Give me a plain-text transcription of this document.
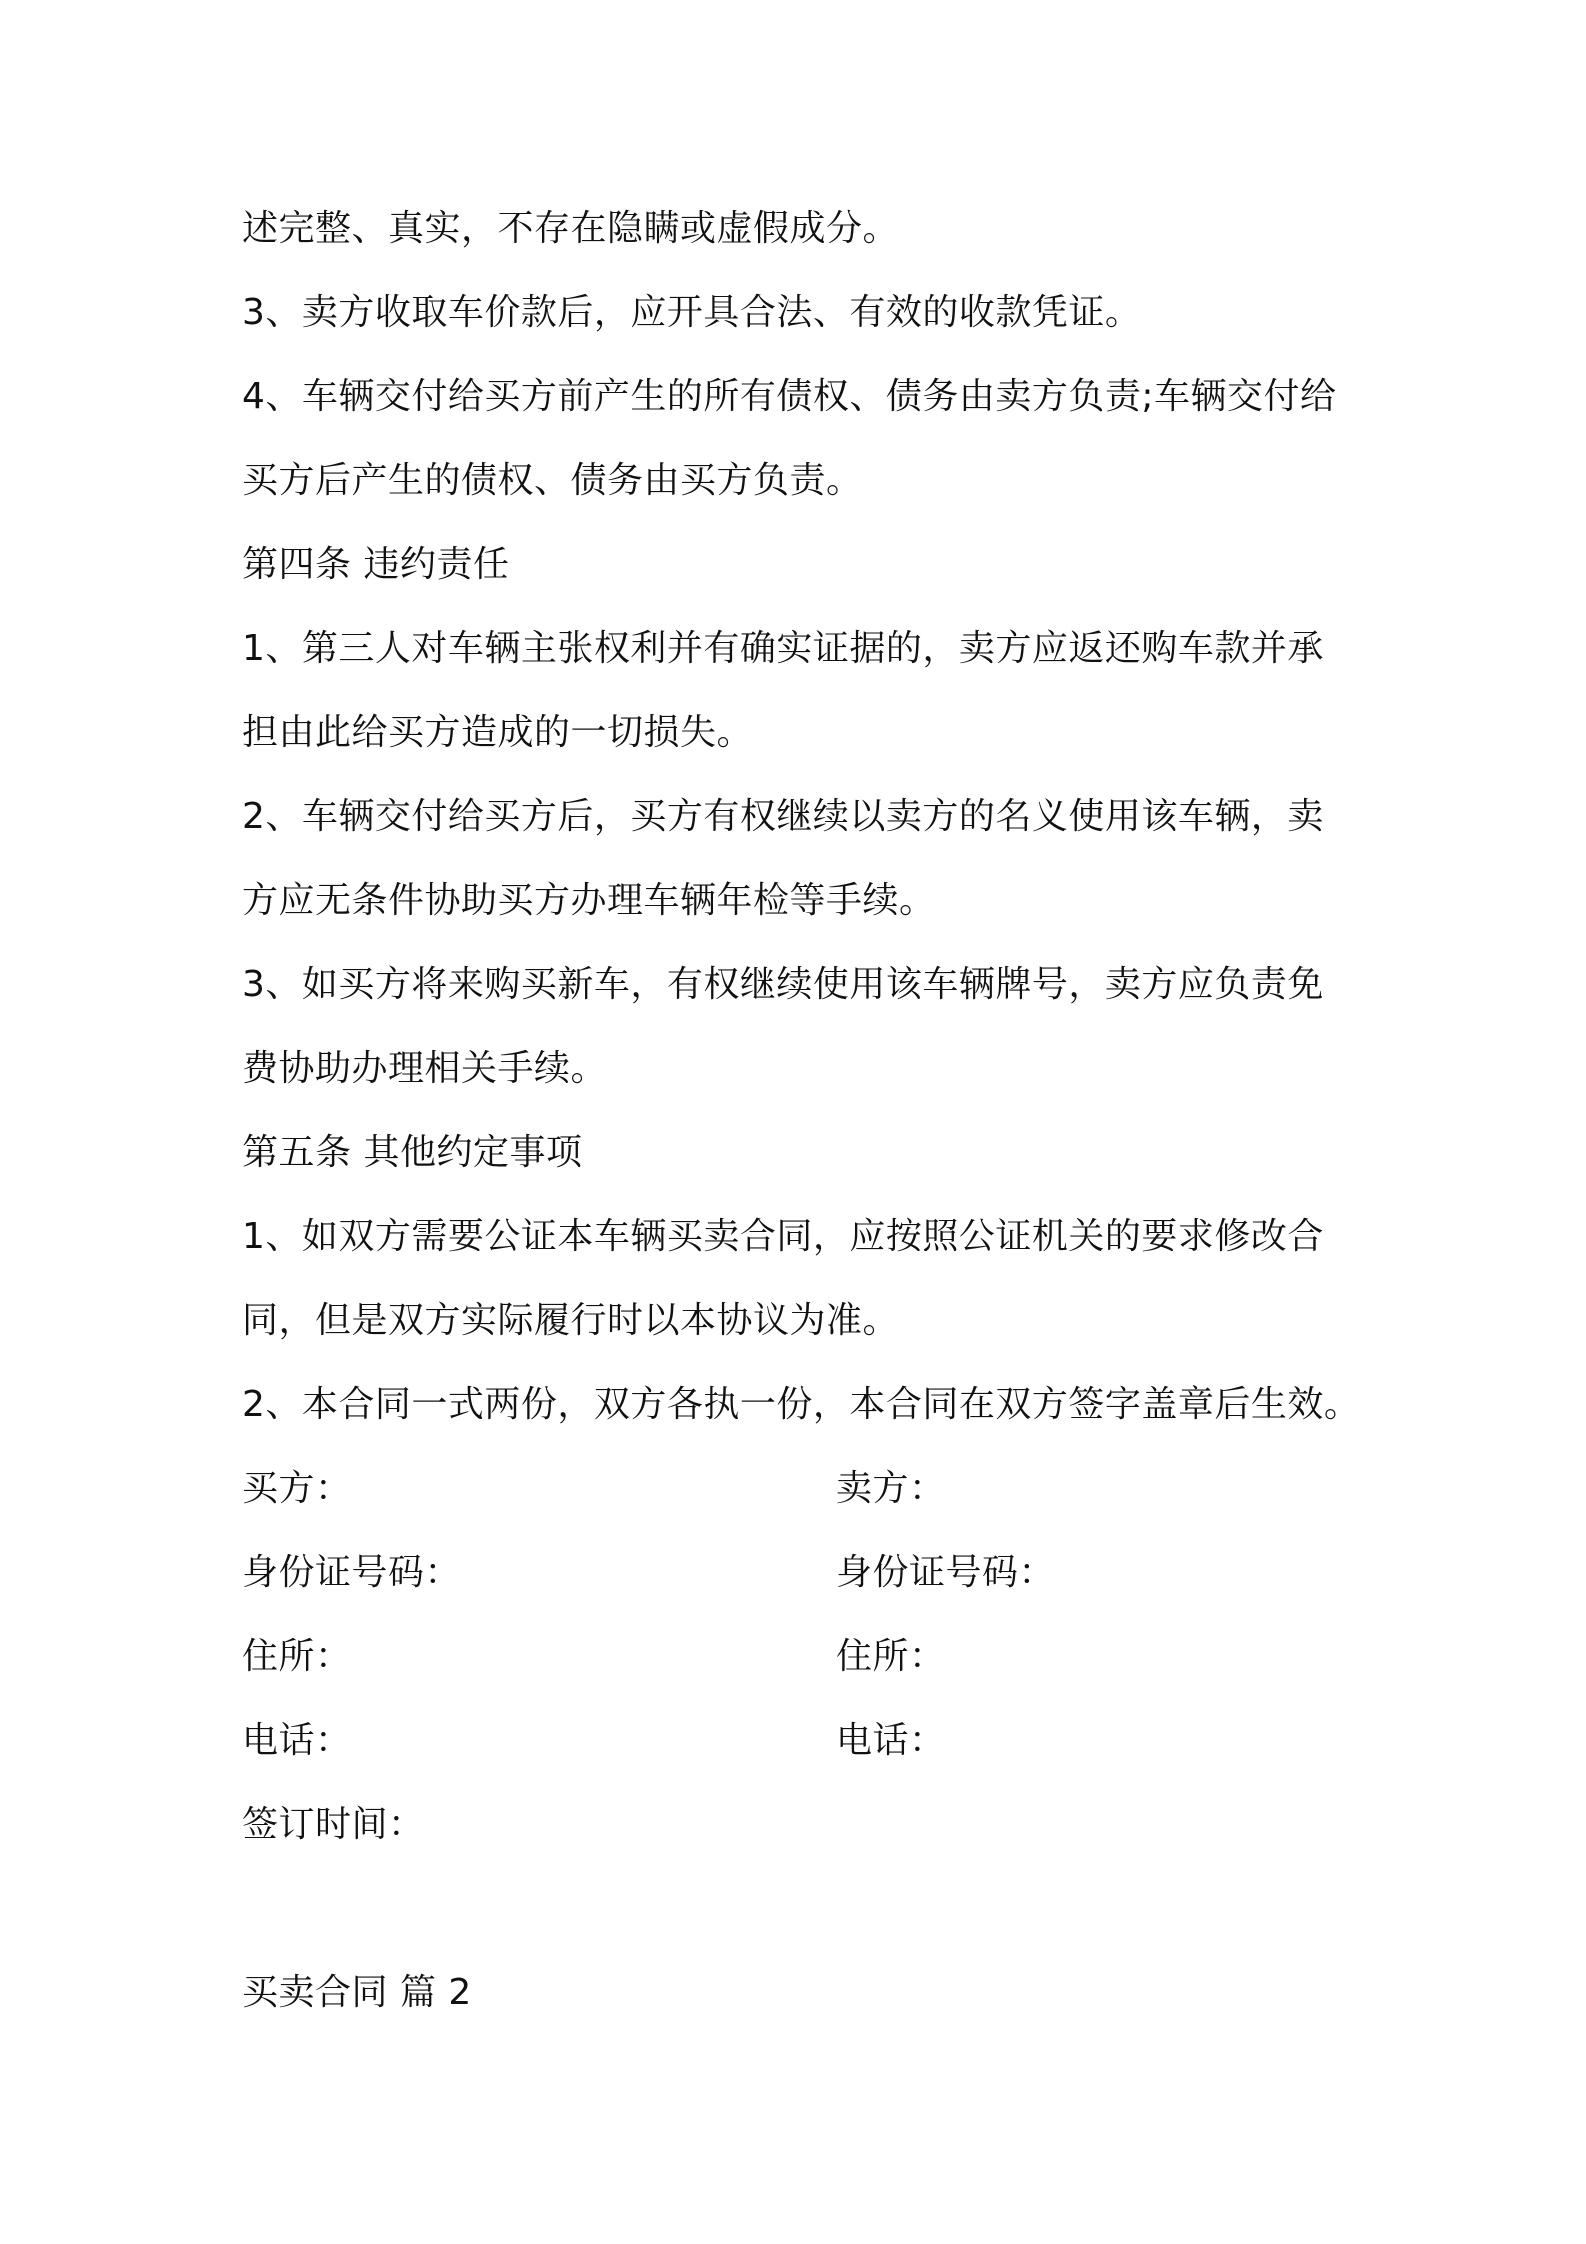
述完整、真实，不存在隐瞒或虚假成分。
3、卖方收取车价款后，应开具合法、有效的收款凭证。
4、车辆交付给买方前产生的所有债权、债务由卖方负责;车辆交付给
买方后产生的债权、债务由买方负责。
第四条 违约责任
1、第三人对车辆主张权利并有确实证据的，卖方应返还购车款并承
担由此给买方造成的一切损失。
2、车辆交付给买方后，买方有权继续以卖方的名义使用该车辆，卖
方应无条件协助买方办理车辆年检等手续。
3、如买方将来购买新车，有权继续使用该车辆牌号，卖方应负责免
费协助办理相关手续。
第五条 其他约定事项
1、如双方需要公证本车辆买卖合同，应按照公证机关的要求修改合
同，但是双方实际履行时以本协议为准。
2、本合同一式两份，双方各执一份，本合同在双方签字盖章后生效。
买方：	卖方：
身份证号码：	身份证号码：
住所：	住所：
电话：	电话：
签订时间：
买卖合同 篇 2
